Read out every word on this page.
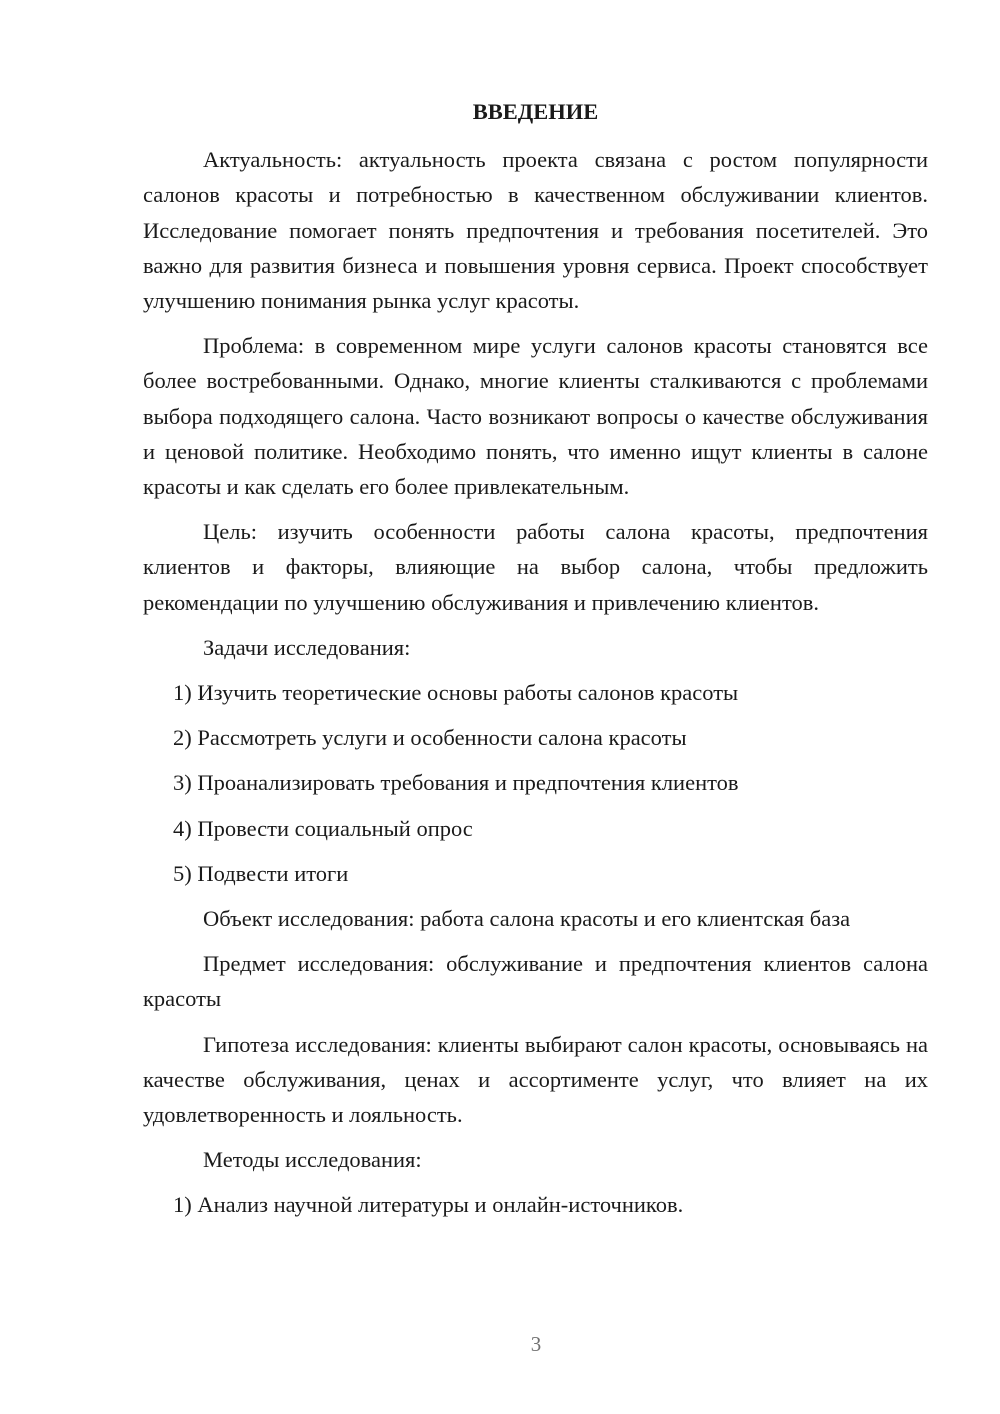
ВВЕДЕНИЕ

Актуальность: актуальность проекта связана с ростом популярности салонов красоты и потребностью в качественном обслуживании клиентов. Исследование помогает понять предпочтения и требования посетителей. Это важно для развития бизнеса и повышения уровня сервиса. Проект способствует улучшению понимания рынка услуг красоты.

Проблема: в современном мире услуги салонов красоты становятся все более востребованными. Однако, многие клиенты сталкиваются с проблемами выбора подходящего салона. Часто возникают вопросы о качестве обслуживания и ценовой политике. Необходимо понять, что именно ищут клиенты в салоне красоты и как сделать его более привлекательным.

Цель: изучить особенности работы салона красоты, предпочтения клиентов и факторы, влияющие на выбор салона, чтобы предложить рекомендации по улучшению обслуживания и привлечению клиентов.

Задачи исследования:

1) Изучить теоретические основы работы салонов красоты

2) Рассмотреть услуги и особенности салона красоты

3) Проанализировать требования и предпочтения клиентов

4) Провести социальный опрос

5) Подвести итоги

Объект исследования: работа салона красоты и его клиентская база

Предмет исследования: обслуживание и предпочтения клиентов салона красоты

Гипотеза исследования: клиенты выбирают салон красоты, основываясь на качестве обслуживания, ценах и ассортименте услуг, что влияет на их удовлетворенность и лояльность.

Методы исследования:

1) Анализ научной литературы и онлайн-источников.

3
